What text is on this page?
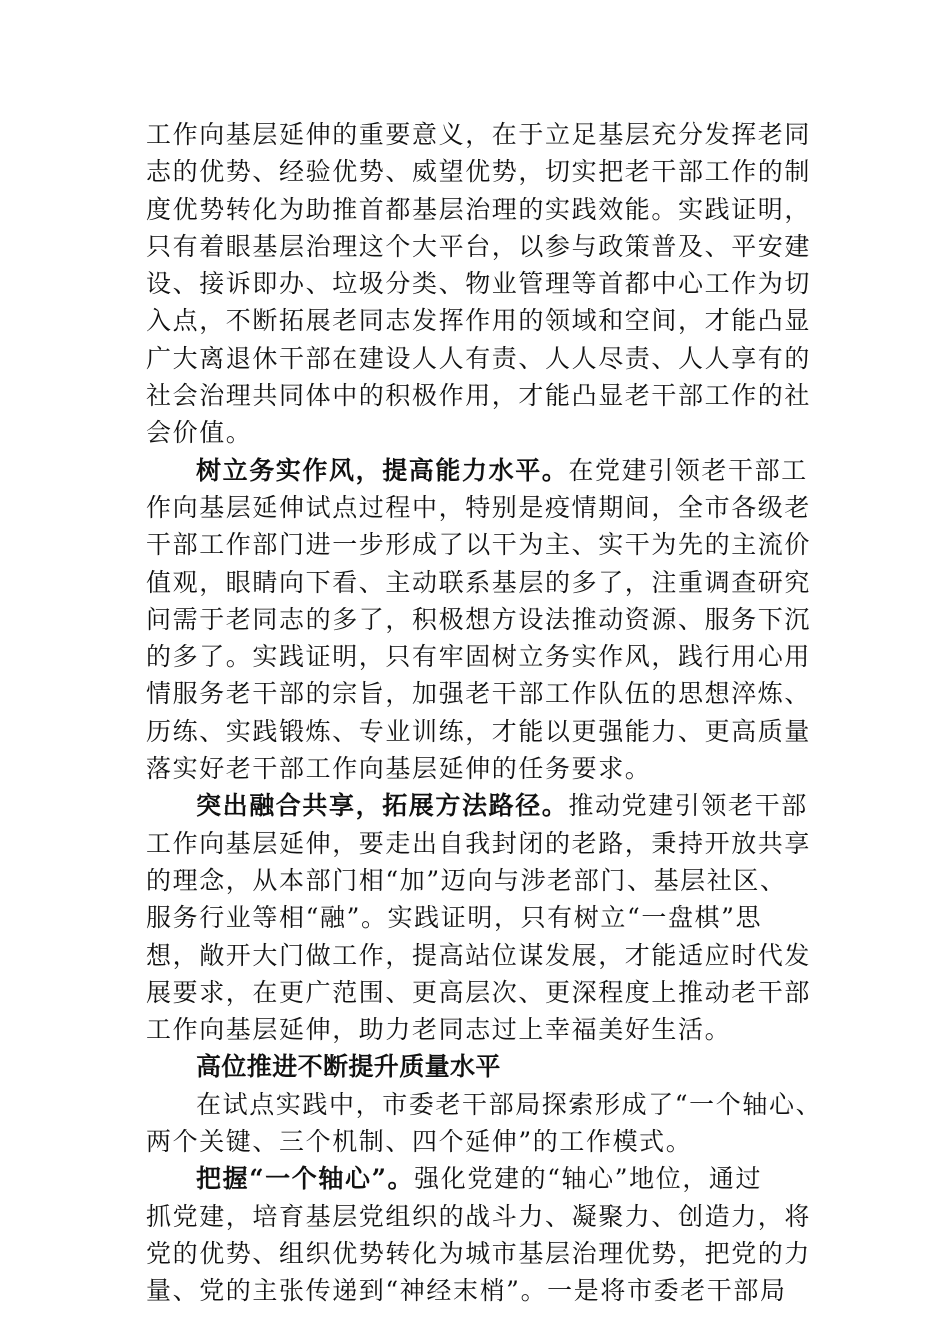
工作向基层延伸的重要意义，在于立足基层充分发挥老同
志的优势、经验优势、威望优势，切实把老干部工作的制
度优势转化为助推首都基层治理的实践效能。实践证明，
只有着眼基层治理这个大平台，以参与政策普及、平安建
设、接诉即办、垃圾分类、物业管理等首都中心工作为切
入点，不断拓展老同志发挥作用的领域和空间，才能凸显
广大离退休干部在建设人人有责、人人尽责、人人享有的
社会治理共同体中的积极作用，才能凸显老干部工作的社
会价值。
树立务实作风，提高能力水平。在党建引领老干部工
作向基层延伸试点过程中，特别是疫情期间，全市各级老
干部工作部门进一步形成了以干为主、实干为先的主流价
值观，眼睛向下看、主动联系基层的多了，注重调查研究
问需于老同志的多了，积极想方设法推动资源、服务下沉
的多了。实践证明，只有牢固树立务实作风，践行用心用
情服务老干部的宗旨，加强老干部工作队伍的思想淬炼、
历练、实践锻炼、专业训练，才能以更强能力、更高质量
落实好老干部工作向基层延伸的任务要求。
突出融合共享，拓展方法路径。推动党建引领老干部
工作向基层延伸，要走出自我封闭的老路，秉持开放共享
的理念，从本部门相“加”迈向与涉老部门、基层社区、
服务行业等相“融”。实践证明，只有树立“一盘棋”思
想，敞开大门做工作，提高站位谋发展，才能适应时代发
展要求，在更广范围、更高层次、更深程度上推动老干部
工作向基层延伸，助力老同志过上幸福美好生活。
高位推进不断提升质量水平
在试点实践中，市委老干部局探索形成了“一个轴心、
两个关键、三个机制、四个延伸”的工作模式。
把握“一个轴心”。强化党建的“轴心”地位，通过
抓党建，培育基层党组织的战斗力、凝聚力、创造力，将
党的优势、组织优势转化为城市基层治理优势，把党的力
量、党的主张传递到“神经末梢”。一是将市委老干部局
